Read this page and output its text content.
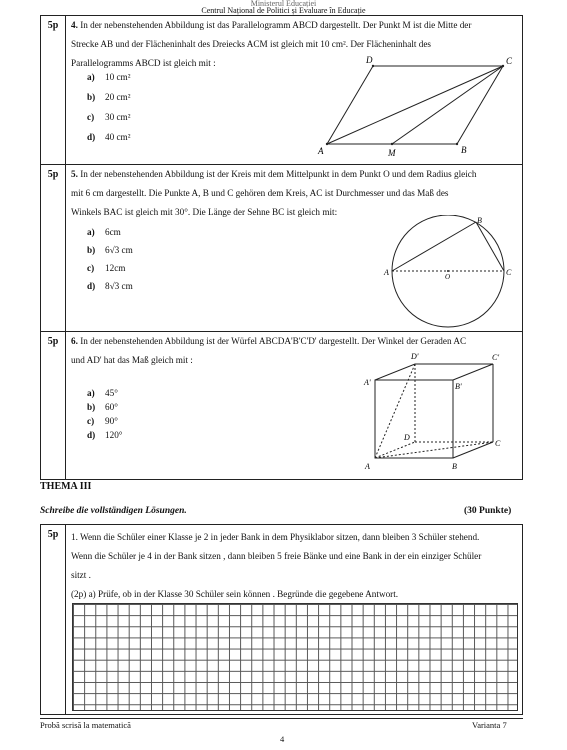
Ministerul Educației
Centrul Național de Politici și Evaluare în Educație
5p	4. In der nebenstehenden Abbildung ist das Parallelogramm ABCD dargestellt. Der Punkt M ist die Mitte der
Strecke AB und der Flächeninhalt des Dreiecks ACM ist gleich mit 10 cm². Der Flächeninhalt des
Parallelogramms ABCD ist gleich mit :
a) 10 cm²
b) 20 cm²
c) 30 cm²
d) 40 cm²
A	B
C
D
M
5p	5. In der nebenstehenden Abbildung ist der Kreis mit dem Mittelpunkt in dem Punkt O und dem Radius gleich
mit 6 cm dargestellt. Die Punkte A, B und C gehören dem Kreis, AC ist Durchmesser und das Maß des
Winkels BAC ist gleich mit 30°. Die Länge der Sehne BC ist gleich mit:
a) 6cm
b) 6√3 cm
c) 12cm
d) 8√3 cm
A
B
C
O
5p	6. In der nebenstehenden Abbildung ist der Würfel ABCDA'B'C'D' dargestellt. Der Winkel der Geraden AC
und AD' hat das Maß gleich mit :
a) 45°
b) 60°
c) 90°
d) 120°
A	B
C
D
A'	B'
C'
D'
THEMA III
Schreibe die vollständigen Lösungen.	(30 Punkte)
5p	1. Wenn die Schüler einer Klasse je 2 in jeder Bank in dem Physiklabor sitzen, dann bleiben 3 Schüler stehend.
Wenn die Schüler je 4 in der Bank sitzen , dann bleiben 5 freie Bänke und eine Bank in der ein einziger Schüler
sitzt .
(2p) a) Prüfe, ob in der Klasse 30 Schüler sein können . Begründe die gegebene Antwort.
Probă scrisă la matematică	Varianta 7
4
